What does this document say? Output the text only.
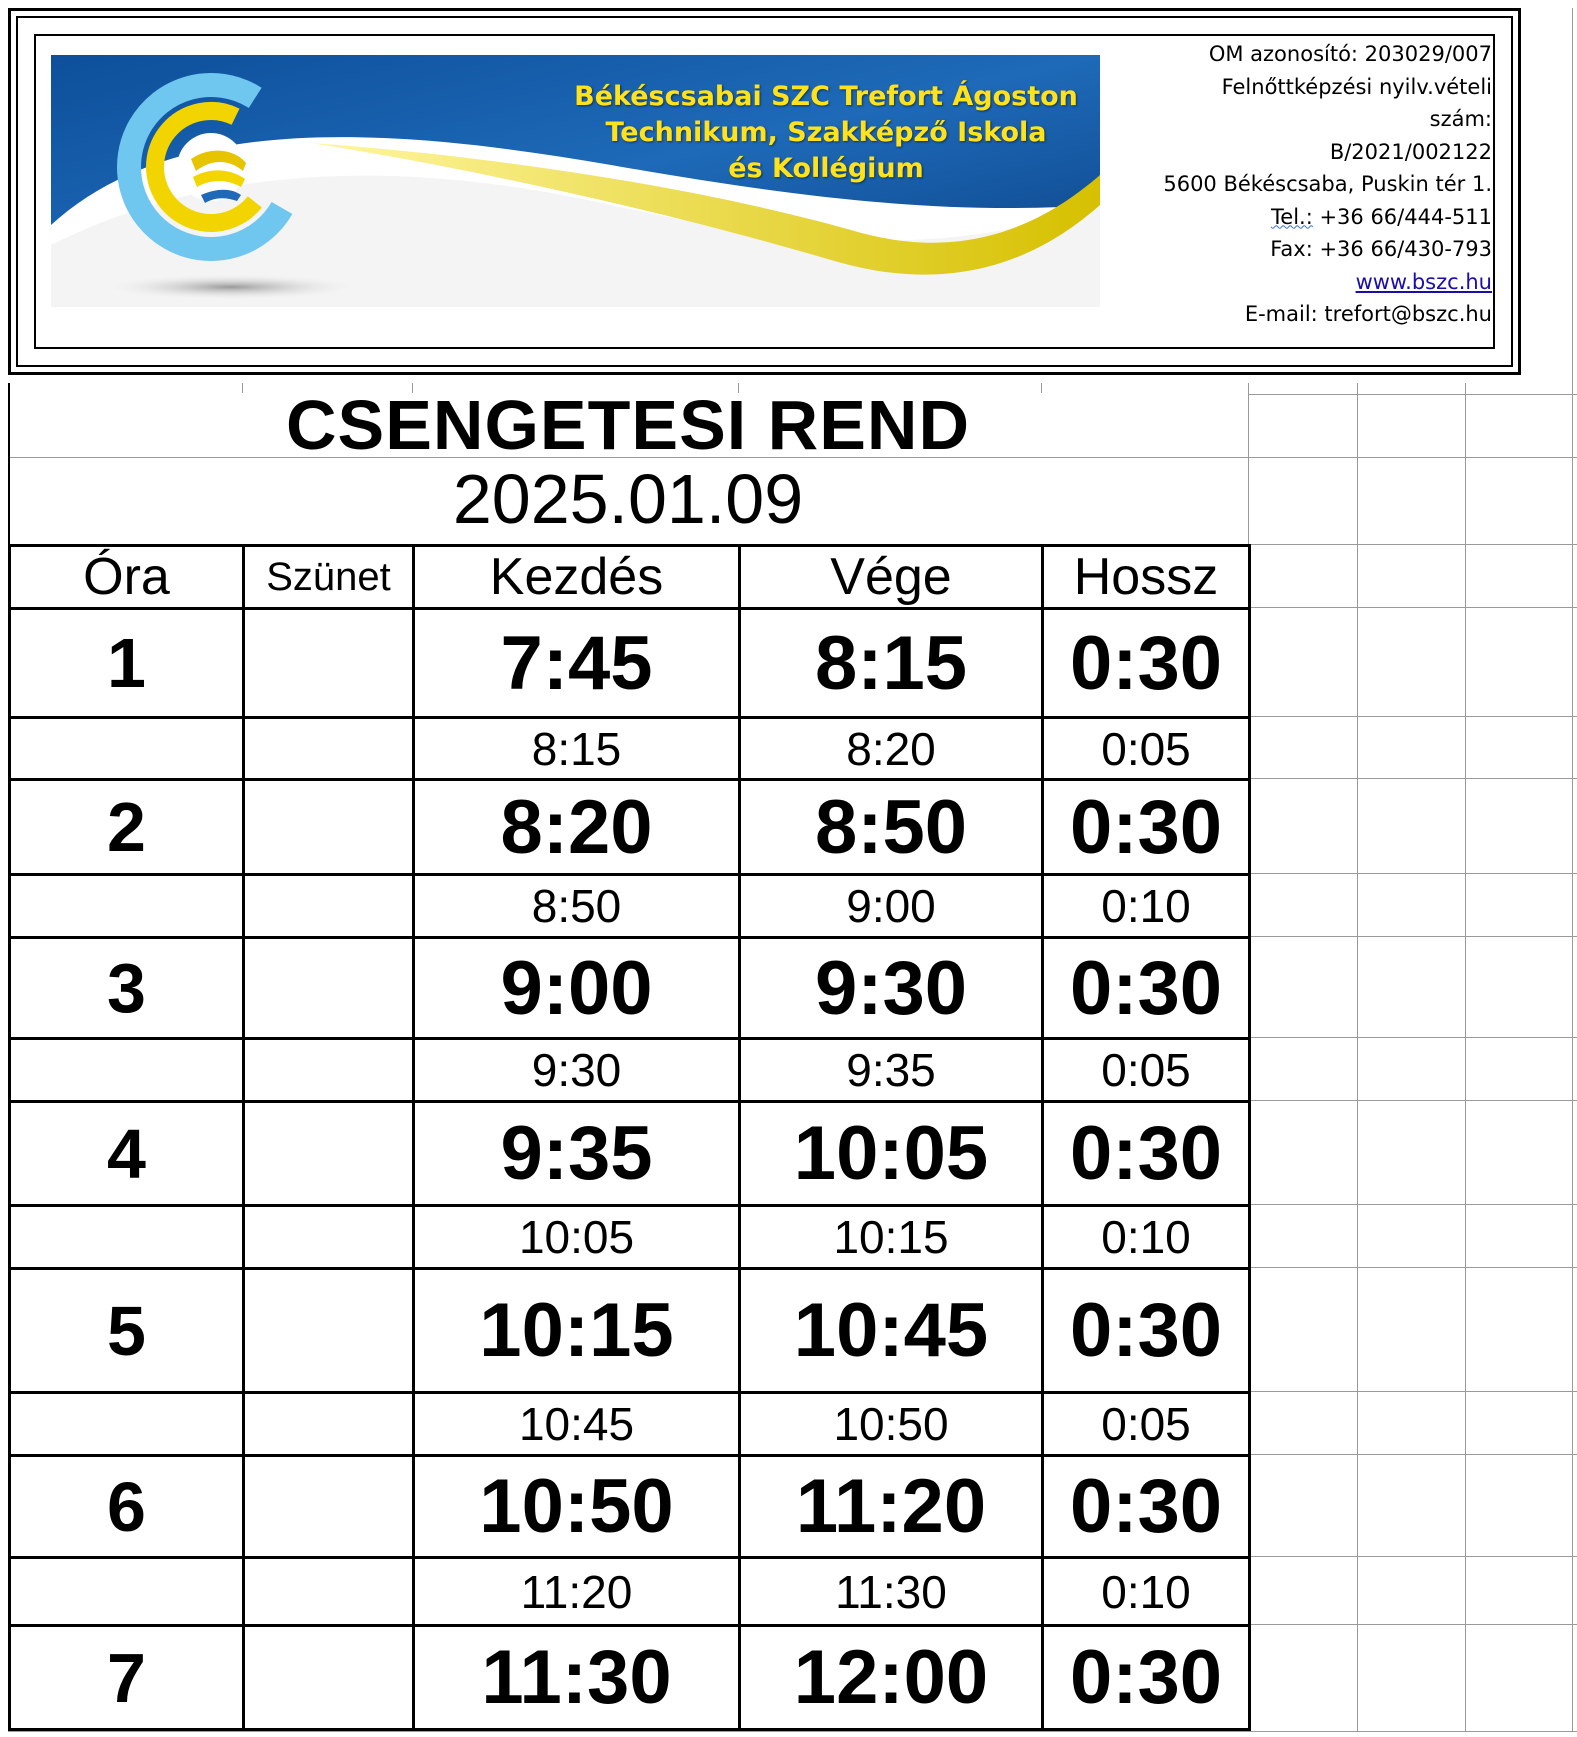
Békéscsabai SZC Trefort Ágoston
Technikum, Szakképző Iskola
és Kollégium
OM azonosító: 203029/007
Felnőttképzési nyilv.vételi
szám:
B/2021/002122
5600 Békéscsaba, Puskin tér 1.
Tel.: +36 66/444-511
Fax: +36 66/430-793
www.bszc.hu
E-mail: trefort@bszc.hu
CSENGETESI REND
2025.01.09
Óra	Szünet	Kezdés	Vége	Hossz
1		7:45	8:15	0:30
		8:15	8:20	0:05
2		8:20	8:50	0:30
		8:50	9:00	0:10
3		9:00	9:30	0:30
		9:30	9:35	0:05
4		9:35	10:05	0:30
		10:05	10:15	0:10
5		10:15	10:45	0:30
		10:45	10:50	0:05
6		10:50	11:20	0:30
		11:20	11:30	0:10
7		11:30	12:00	0:30
